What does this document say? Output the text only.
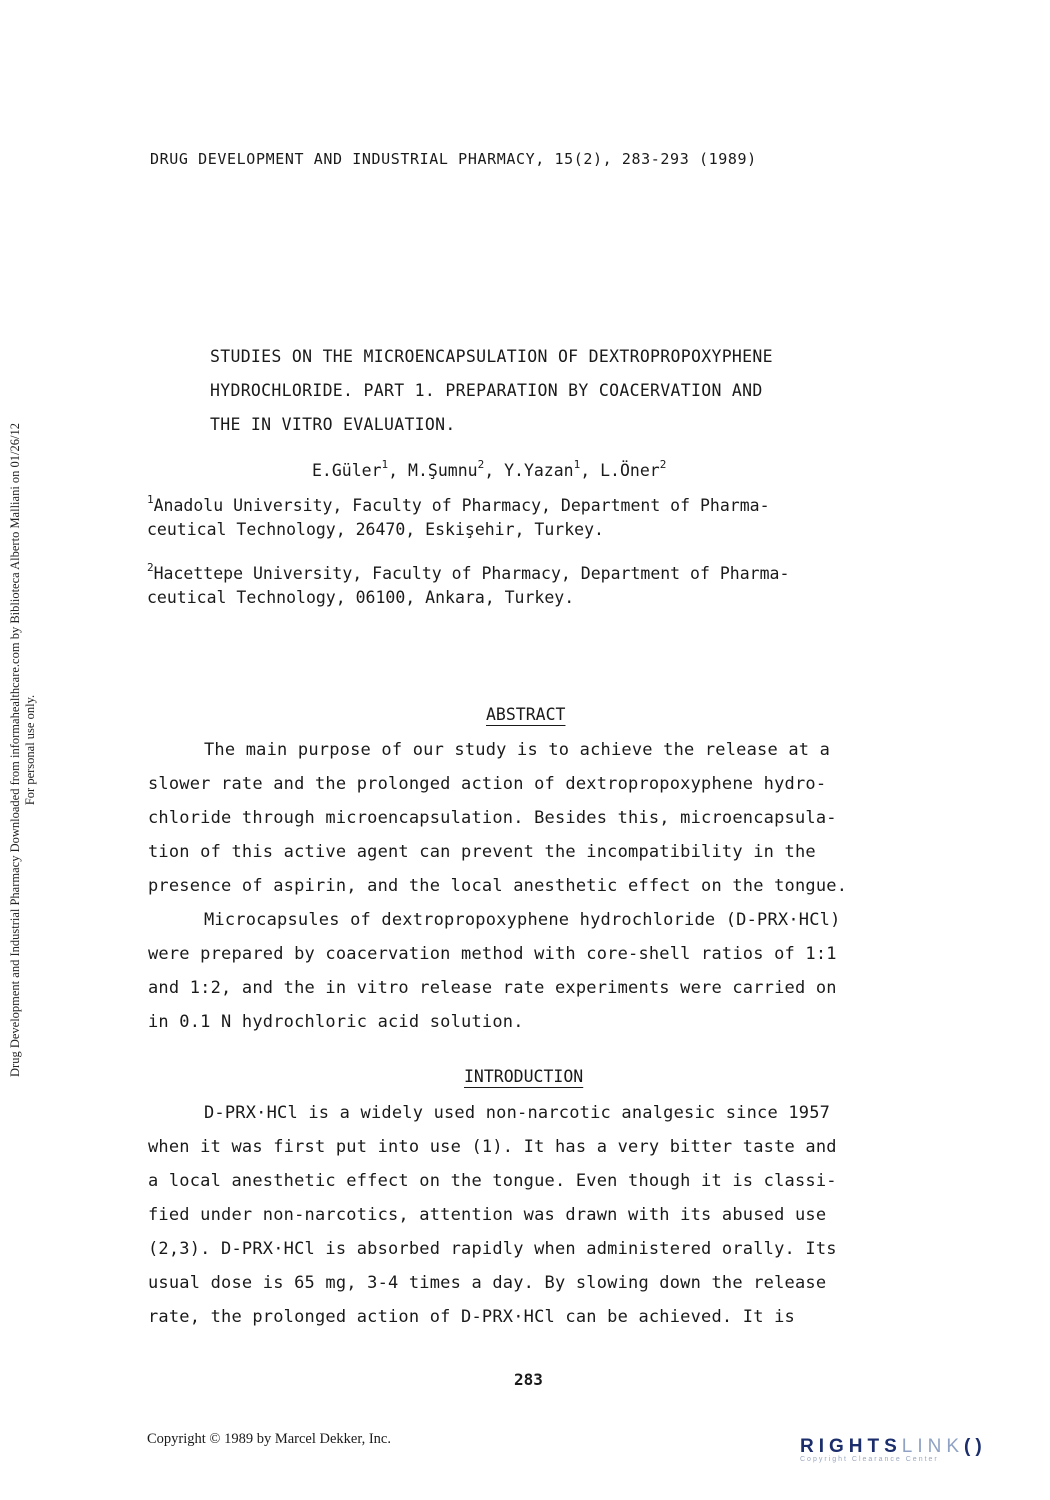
Drug Development and Industrial Pharmacy Downloaded from informahealthcare.com by Biblioteca Alberto Malliani on 01/26/12 For personal use only.
DRUG DEVELOPMENT AND INDUSTRIAL PHARMACY, 15(2), 283-293 (1989)
STUDIES ON THE MICROENCAPSULATION OF DEXTROPROPOXYPHENE
HYDROCHLORIDE. PART 1. PREPARATION BY COACERVATION AND
THE IN VITRO EVALUATION.
E.Güler$^1$, M.Şumnu$^2$, Y.Yazan$^1$, L.Öner$^2$
$^1$Anadolu University, Faculty of Pharmacy, Department of Pharma-
ceutical Technology, 26470, Eskişehir, Turkey.
$^2$Hacettepe University, Faculty of Pharmacy, Department of Pharma-
ceutical Technology, 06100, Ankara, Turkey.
ABSTRACT
The main purpose of our study is to achieve the release at a
slower rate and the prolonged action of dextropropoxyphene hydro-
chloride through microencapsulation. Besides this, microencapsula-
tion of this active agent can prevent the incompatibility in the
presence of aspirin, and the local anesthetic effect on the tongue.
Microcapsules of dextropropoxyphene hydrochloride (D-PRX·HCl)
were prepared by coacervation method with core-shell ratios of 1:1
and 1:2, and the in vitro release rate experiments were carried on
in 0.1 N hydrochloric acid solution.
INTRODUCTION
D-PRX·HCl is a widely used non-narcotic analgesic since 1957
when it was first put into use (1). It has a very bitter taste and
a local anesthetic effect on the tongue. Even though it is classi-
fied under non-narcotics, attention was drawn with its abused use
(2,3). D-PRX·HCl is absorbed rapidly when administered orally. Its
usual dose is 65 mg, 3-4 times a day. By slowing down the release
rate, the prolonged action of D-PRX·HCl can be achieved. It is
283
Copyright © 1989 by Marcel Dekker, Inc.	RIGHTSLINK()
Copyright Clearance Center
